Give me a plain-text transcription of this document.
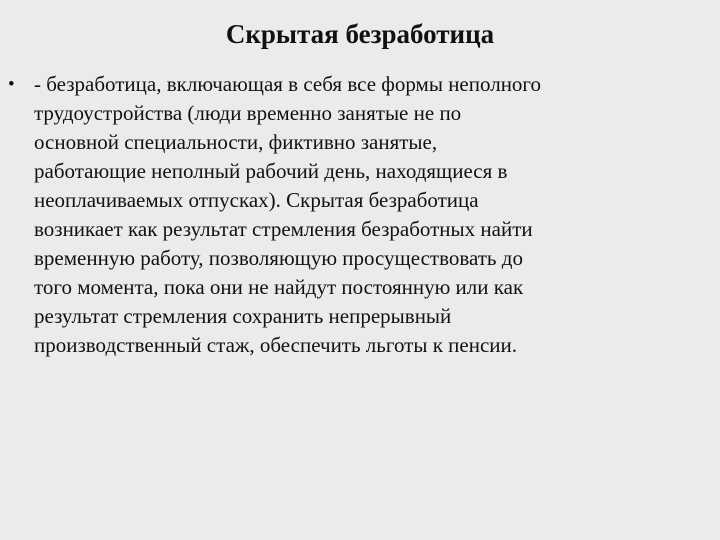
Скрытая безработица
• - безработица, включающая в себя все формы неполного
трудоустройства (люди временно занятые не по
основной специальности, фиктивно занятые,
работающие неполный рабочий день, находящиеся в
неоплачиваемых отпусках). Скрытая безработица
возникает как результат стремления безработных найти
временную работу, позволяющую просуществовать до
того момента, пока они не найдут постоянную или как
результат стремления сохранить непрерывный
производственный стаж, обеспечить льготы к пенсии.
